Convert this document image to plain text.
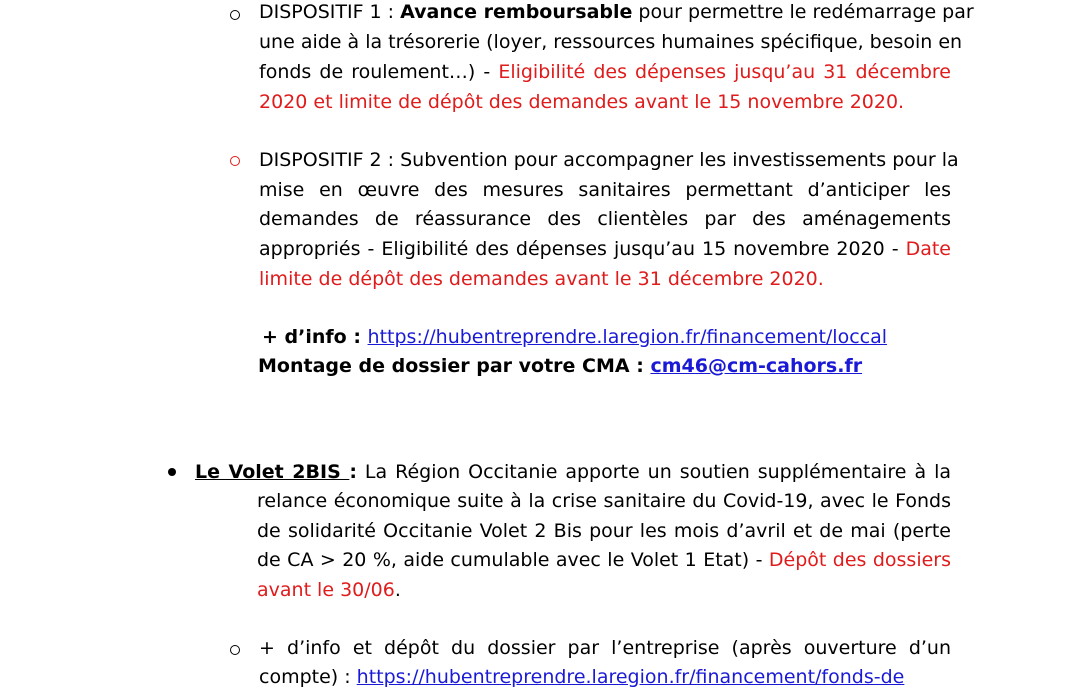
DISPOSITIF 1 : Avance remboursable pour permettre le redémarrage par
une aide à la trésorerie (loyer, ressources humaines spécifique, besoin en
fonds de roulement…) - Eligibilité des dépenses jusqu’au 31 décembre
2020 et limite de dépôt des demandes avant le 15 novembre 2020.
DISPOSITIF 2 : Subvention pour accompagner les investissements pour la
mise en œuvre des mesures sanitaires permettant d’anticiper les
demandes de réassurance des clientèles par des aménagements
appropriés - Eligibilité des dépenses jusqu’au 15 novembre 2020 - Date
limite de dépôt des demandes avant le 31 décembre 2020.
+ d’info : https://hubentreprendre.laregion.fr/financement/loccal
Montage de dossier par votre CMA : cm46@cm-cahors.fr
Le Volet 2BIS : La Région Occitanie apporte un soutien supplémentaire à la
relance économique suite à la crise sanitaire du Covid-19, avec le Fonds
de solidarité Occitanie Volet 2 Bis pour les mois d’avril et de mai (perte
de CA > 20 %, aide cumulable avec le Volet 1 Etat) - Dépôt des dossiers
avant le 30/06.
+ d’info et dépôt du dossier par l’entreprise (après ouverture d’un
compte) : https://hubentreprendre.laregion.fr/financement/fonds-de
